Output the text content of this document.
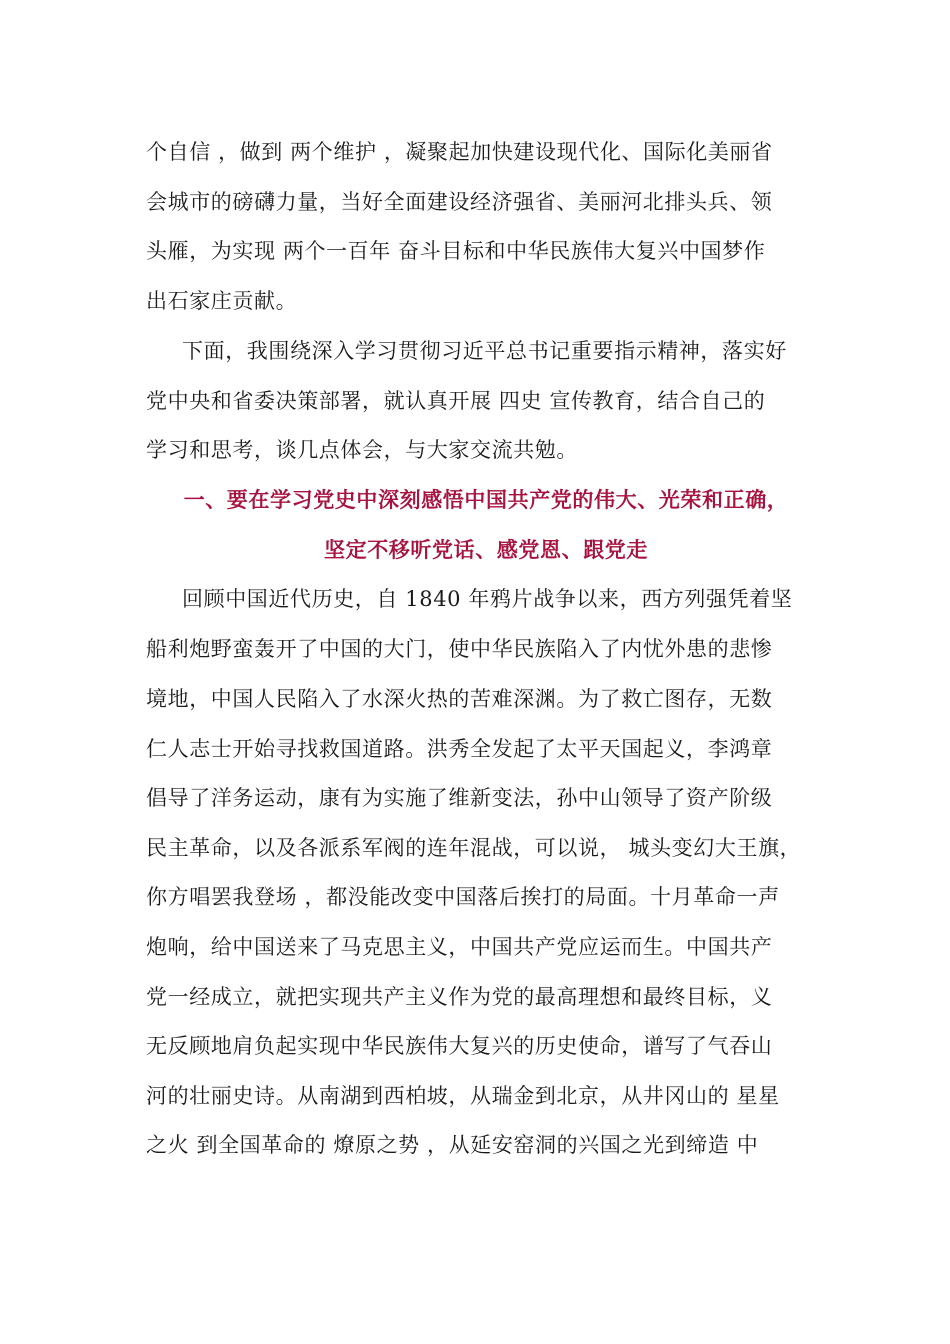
个自信 ，做到 两个维护 ，凝聚起加快建设现代化、国际化美丽省
会城市的磅礴力量，当好全面建设经济强省、美丽河北排头兵、领
头雁，为实现 两个一百年 奋斗目标和中华民族伟大复兴中国梦作
出石家庄贡献。
下面，我围绕深入学习贯彻习近平总书记重要指示精神，落实好
党中央和省委决策部署，就认真开展 四史 宣传教育，结合自己的
学习和思考，谈几点体会，与大家交流共勉。
一、要在学习党史中深刻感悟中国共产党的伟大、光荣和正确，
坚定不移听党话、感党恩、跟党走
回顾中国近代历史，自 1840 年鸦片战争以来，西方列强凭着坚
船利炮野蛮轰开了中国的大门，使中华民族陷入了内忧外患的悲惨
境地，中国人民陷入了水深火热的苦难深渊。为了救亡图存，无数
仁人志士开始寻找救国道路。洪秀全发起了太平天国起义，李鸿章
倡导了洋务运动，康有为实施了维新变法，孙中山领导了资产阶级
民主革命，以及各派系军阀的连年混战，可以说， 城头变幻大王旗，
你方唱罢我登场 ，都没能改变中国落后挨打的局面。十月革命一声
炮响，给中国送来了马克思主义，中国共产党应运而生。中国共产
党一经成立，就把实现共产主义作为党的最高理想和最终目标，义
无反顾地肩负起实现中华民族伟大复兴的历史使命，谱写了气吞山
河的壮丽史诗。从南湖到西柏坡，从瑞金到北京，从井冈山的 星星
之火 到全国革命的 燎原之势 ，从延安窑洞的兴国之光到缔造 中
